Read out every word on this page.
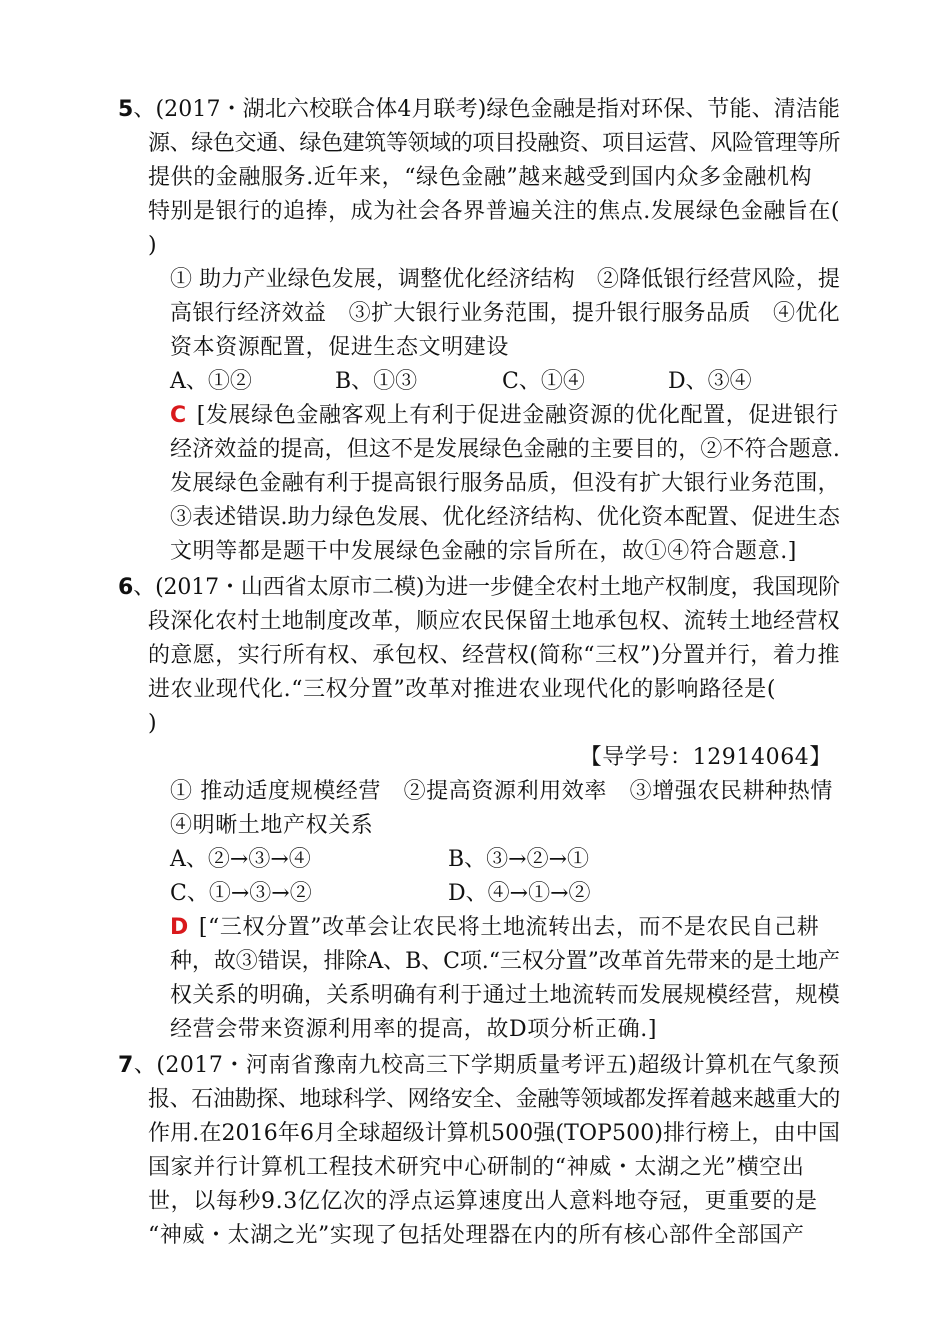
5、(2017・湖北六校联合体4月联考)绿色金融是指对环保、节能、清洁能
源、绿色交通、绿色建筑等领域的项目投融资、项目运营、风险管理等所
提供的金融服务.近年来，“绿色金融”越来越受到国内众多金融机构
特别是银行的追捧，成为社会各界普遍关注的焦点.发展绿色金融旨在(
)
① 助力产业绿色发展，调整优化经济结构　②降低银行经营风险，提
高银行经济效益　③扩大银行业务范围，提升银行服务品质　④优化
资本资源配置，促进生态文明建设
A、①②	B、①③	C、①④	D、③④
C [发展绿色金融客观上有利于促进金融资源的优化配置，促进银行
经济效益的提高，但这不是发展绿色金融的主要目的，②不符合题意.
发展绿色金融有利于提高银行服务品质，但没有扩大银行业务范围，
③表述错误.助力绿色发展、优化经济结构、优化资本配置、促进生态
文明等都是题干中发展绿色金融的宗旨所在，故①④符合题意.]
6、(2017・山西省太原市二模)为进一步健全农村土地产权制度，我国现阶
段深化农村土地制度改革，顺应农民保留土地承包权、流转土地经营权
的意愿，实行所有权、承包权、经营权(简称“三权”)分置并行，着力推
进农业现代化.“三权分置”改革对推进农业现代化的影响路径是(
)
【导学号：12914064】
① 推动适度规模经营　②提高资源利用效率　③增强农民耕种热情
④明晰土地产权关系
A、②→③→④	B、③→②→①
C、①→③→②	D、④→①→②
D [“三权分置”改革会让农民将土地流转出去，而不是农民自己耕
种，故③错误，排除A、B、C项.“三权分置”改革首先带来的是土地产
权关系的明确，关系明确有利于通过土地流转而发展规模经营，规模
经营会带来资源利用率的提高，故D项分析正确.]
7、(2017・河南省豫南九校高三下学期质量考评五)超级计算机在气象预
报、石油勘探、地球科学、网络安全、金融等领域都发挥着越来越重大的
作用.在2016年6月全球超级计算机500强(TOP500)排行榜上，由中国
国家并行计算机工程技术研究中心研制的“神威・太湖之光”横空出
世，以每秒9.3亿亿次的浮点运算速度出人意料地夺冠，更重要的是
“神威・太湖之光”实现了包括处理器在内的所有核心部件全部国产
